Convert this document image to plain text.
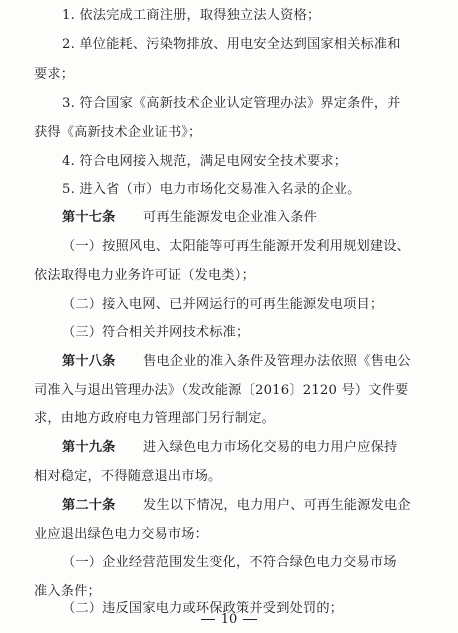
1. 依法完成工商注册，取得独立法人资格；
2. 单位能耗、污染物排放、用电安全达到国家相关标准和
要求；
3. 符合国家《高新技术企业认定管理办法》界定条件，并
获得《高新技术企业证书》；
4. 符合电网接入规范，满足电网安全技术要求；
5. 进入省（市）电力市场化交易准入名录的企业。
第十七条 可再生能源发电企业准入条件
（一）按照风电、太阳能等可再生能源开发利用规划建设、
依法取得电力业务许可证（发电类）；
（二）接入电网、已并网运行的可再生能源发电项目；
（三）符合相关并网技术标准；
第十八条 售电企业的准入条件及管理办法依照《售电公
司准入与退出管理办法》（发改能源〔2016〕2120 号）文件要
求，由地方政府电力管理部门另行制定。
第十九条 进入绿色电力市场化交易的电力用户应保持
相对稳定，不得随意退出市场。
第二十条 发生以下情况，电力用户、可再生能源发电企
业应退出绿色电力交易市场：
（一）企业经营范围发生变化，不符合绿色电力交易市场
准入条件；
（二）违反国家电力或环保政策并受到处罚的；
10
